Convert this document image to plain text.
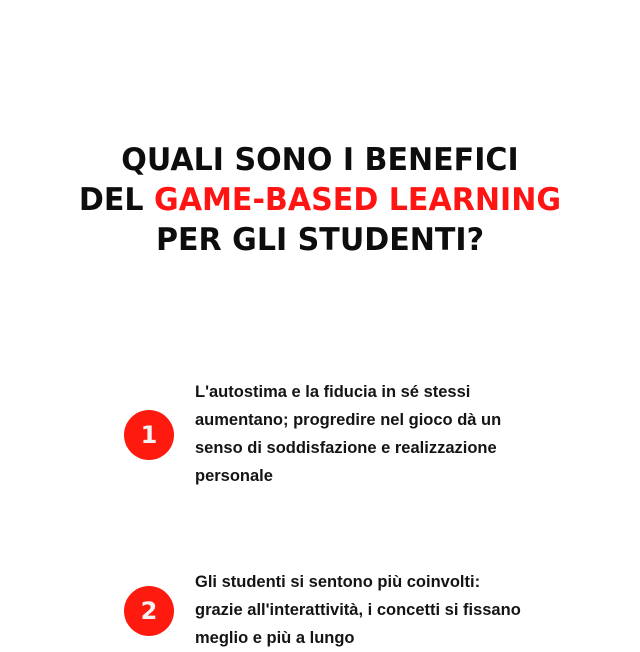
QUALI SONO I BENEFICI
DEL GAME-BASED LEARNING
PER GLI STUDENTI?
1
L'autostima e la fiducia in sé stessi aumentano; progredire nel gioco dà un senso di soddisfazione e realizzazione personale
2
Gli studenti si sentono più coinvolti: grazie all'interattività, i concetti si fissano meglio e più a lungo
